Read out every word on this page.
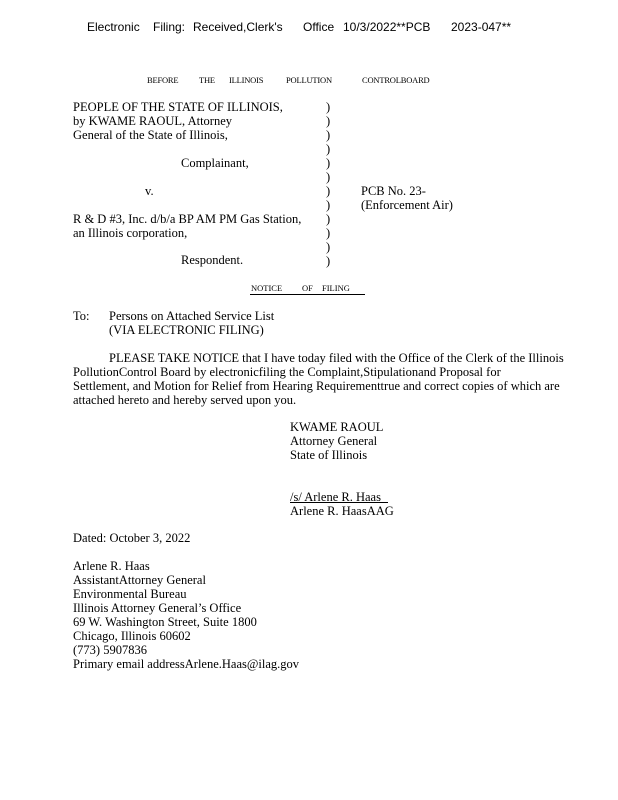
Electronic Filing: Received,Clerk's Office 10/3/2022**PCB 2023-047**
BEFORE THE ILLINOIS	POLLUTION	CONTROLBOARD
PEOPLE OF THE STATE OF ILLINOIS,
by KWAME RAOUL, Attorney
General of the State of Illinois,
Complainant,
v.
R & D #3, Inc. d/b/a BP AM PM Gas Station,
an Illinois corporation,
Respondent.
)
)
)
)
)
)
)
)
)
)
)
)
PCB No. 23-
(Enforcement Air)
NOTICE OF FILING
To: Persons on Attached Service List
(VIA ELECTRONIC FILING)
PLEASE TAKE NOTICE that I have today filed with the Office of the Clerk of the Illinois
PollutionControl Board by electronicfiling the Complaint,Stipulationand Proposal for
Settlement, and Motion for Relief from Hearing Requirementtrue and correct copies of which are
attached hereto and hereby served upon you.
KWAME RAOUL
Attorney General
State of Illinois
/s/ Arlene R. Haas
Arlene R. HaasAAG
Dated: October 3, 2022
Arlene R. Haas
AssistantAttorney General
Environmental Bureau
Illinois Attorney General’s Office
69 W. Washington Street, Suite 1800
Chicago, Illinois 60602
(773) 5907836
Primary email addressArlene.Haas@ilag.gov
